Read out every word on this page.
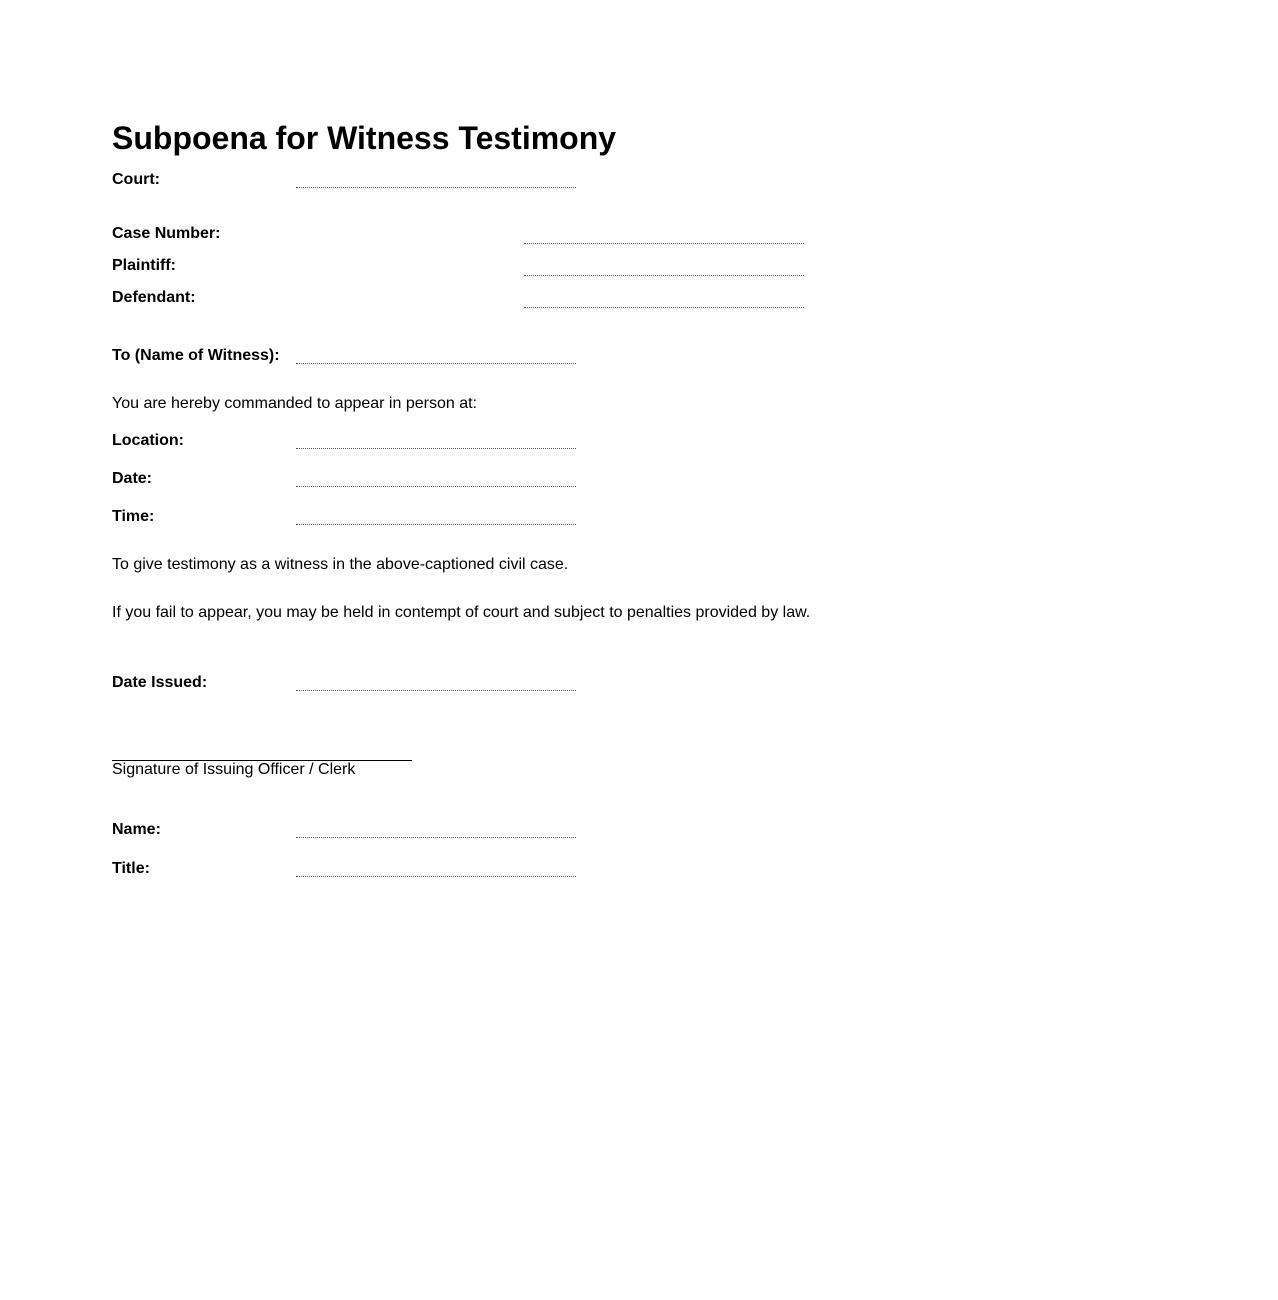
Subpoena for Witness Testimony
Court:
Case Number:
Plaintiff:
Defendant:
To (Name of Witness):
You are hereby commanded to appear in person at:
Location:
Date:
Time:
To give testimony as a witness in the above-captioned civil case.
If you fail to appear, you may be held in contempt of court and subject to penalties provided by law.
Date Issued:
Signature of Issuing Officer / Clerk
Name:
Title:
